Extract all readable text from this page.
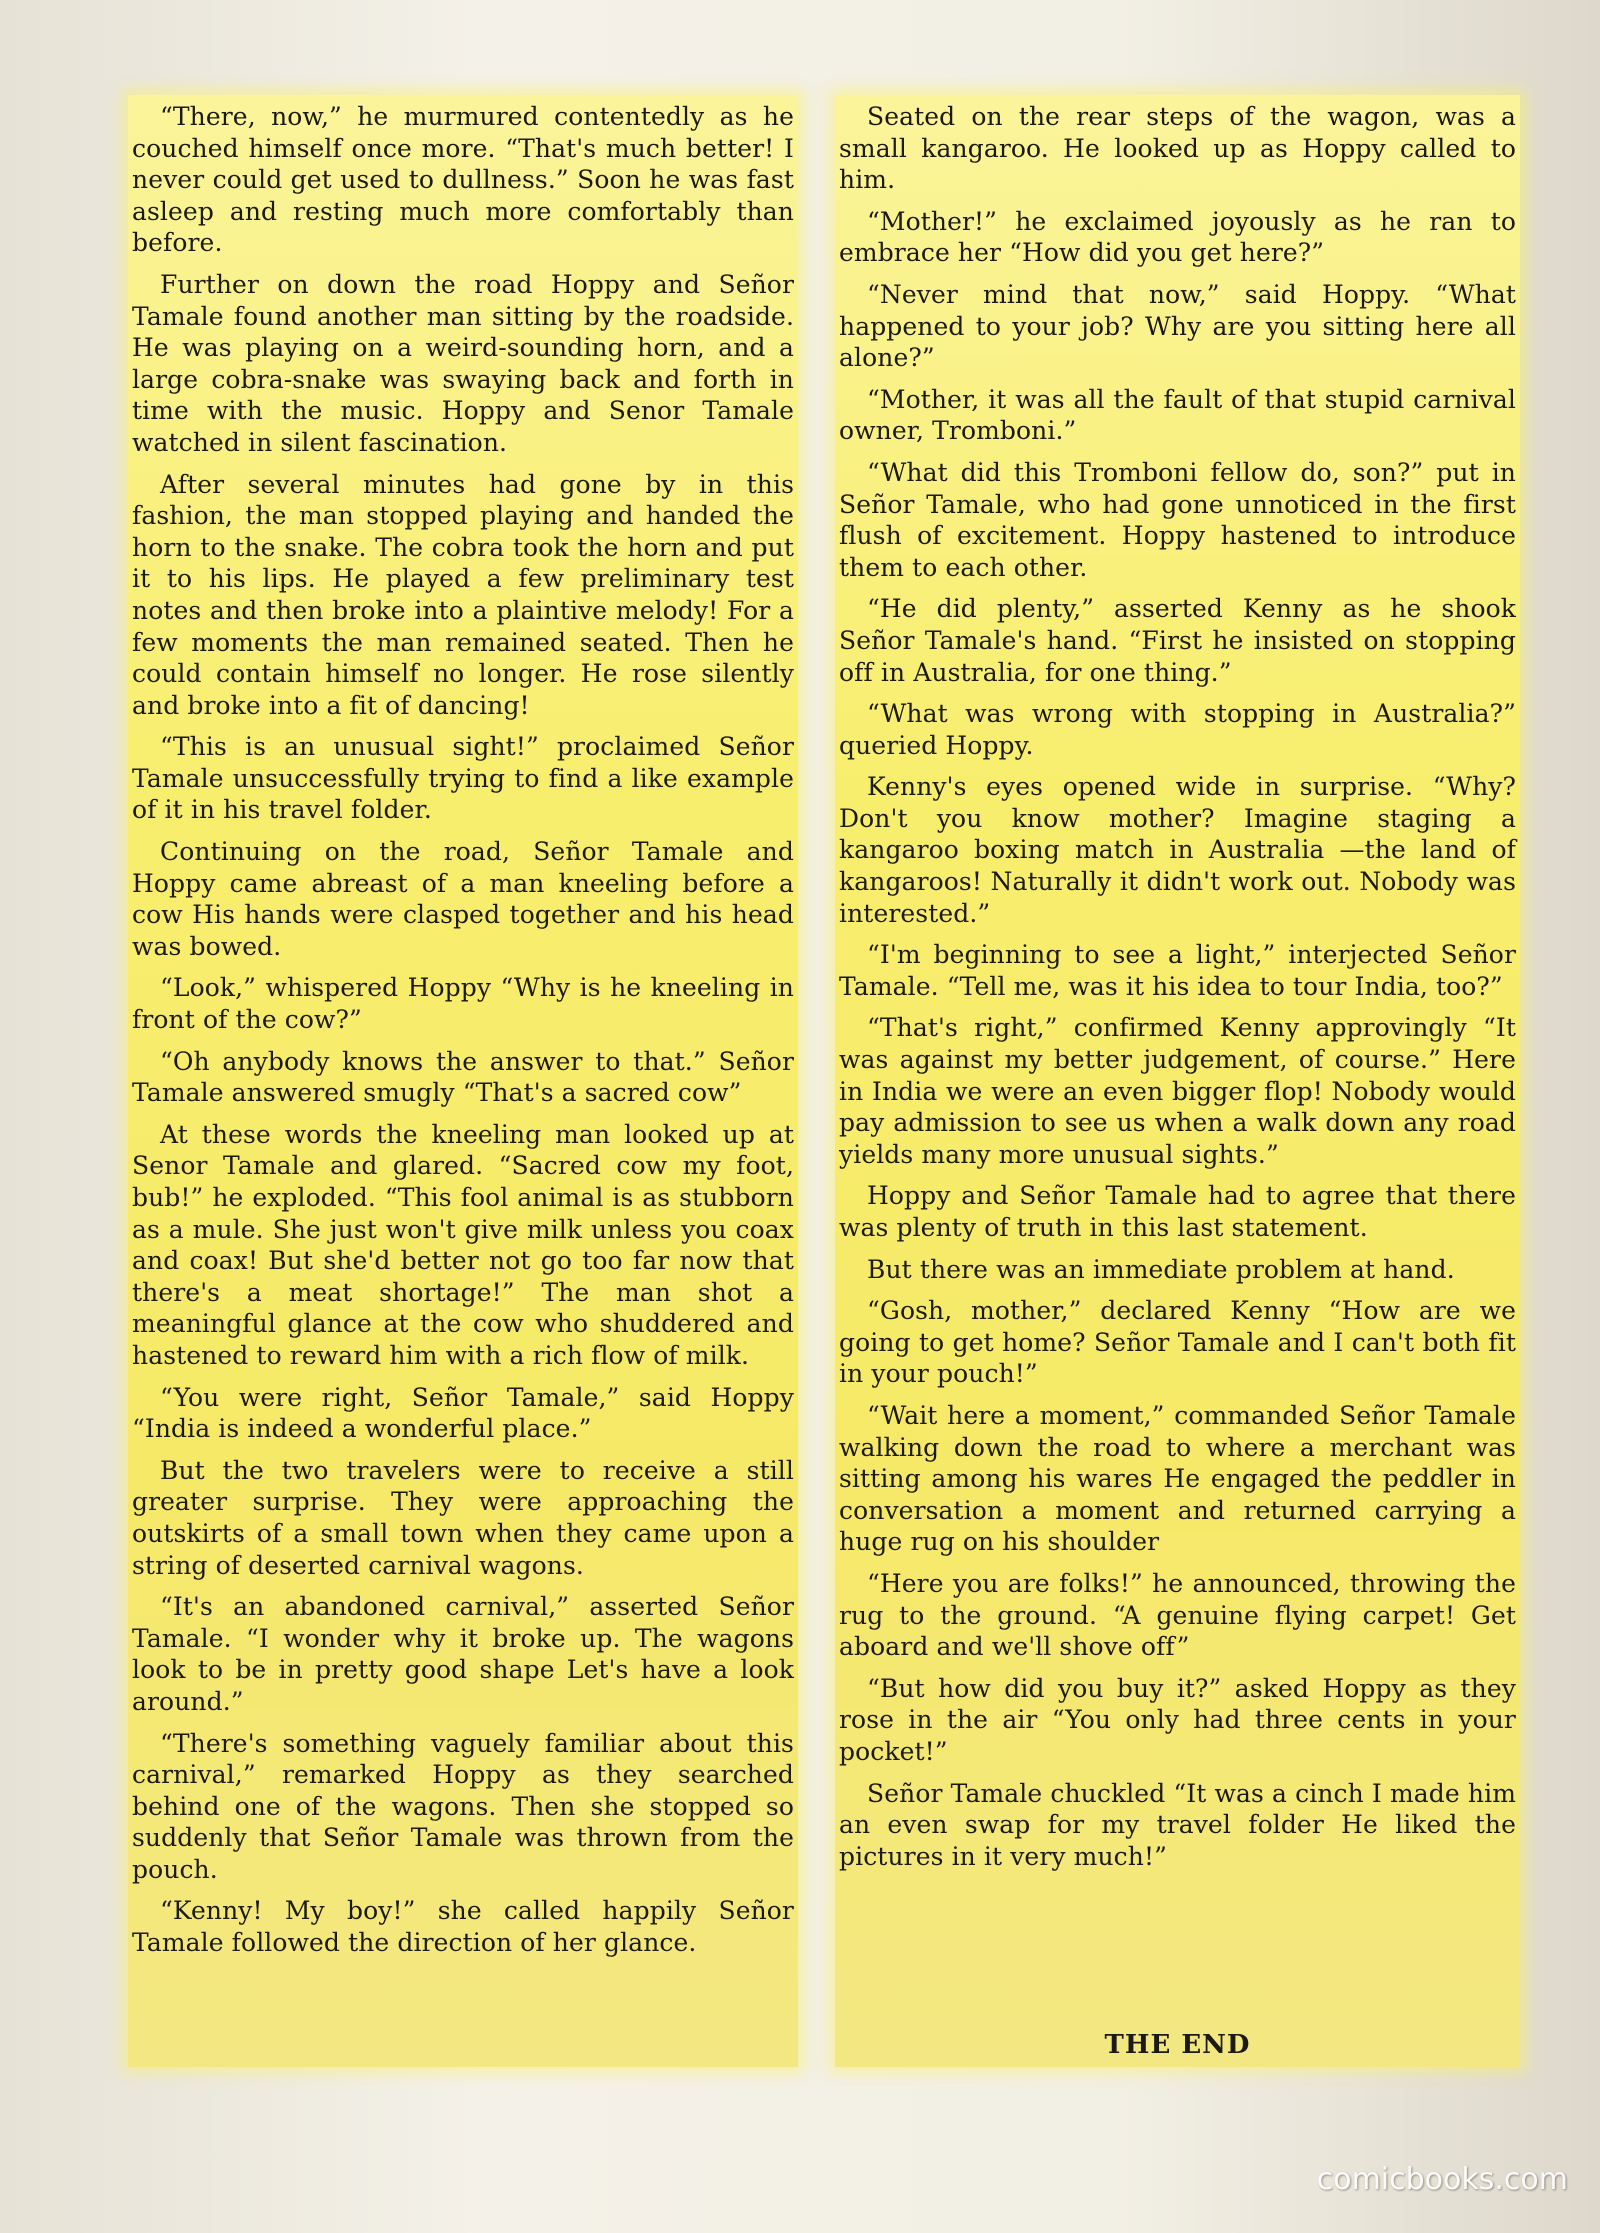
“There, now,” he murmured contentedly as he couched himself once more. “That's much better! I never could get used to dullness.” Soon he was fast asleep and resting much more comfortably than before.

Further on down the road Hoppy and Señor Tamale found another man sitting by the roadside. He was playing on a weird-sounding horn, and a large cobra-snake was swaying back and forth in time with the music. Hoppy and Senor Tamale watched in silent fascination.

After several minutes had gone by in this fashion, the man stopped playing and handed the horn to the snake. The cobra took the horn and put it to his lips. He played a few preliminary test notes and then broke into a plaintive melody! For a few moments the man remained seated. Then he could contain himself no longer. He rose silently and broke into a fit of dancing!

“This is an unusual sight!” proclaimed Señor Tamale unsuccessfully trying to find a like example of it in his travel folder.

Continuing on the road, Señor Tamale and Hoppy came abreast of a man kneeling before a cow His hands were clasped together and his head was bowed.

“Look,” whispered Hoppy “Why is he kneeling in front of the cow?”

“Oh anybody knows the answer to that.” Señor Tamale answered smugly “That's a sacred cow”

At these words the kneeling man looked up at Senor Tamale and glared. “Sacred cow my foot, bub!” he exploded. “This fool animal is as stubborn as a mule. She just won't give milk unless you coax and coax! But she'd better not go too far now that there's a meat shortage!” The man shot a meaningful glance at the cow who shuddered and hastened to reward him with a rich flow of milk.

“You were right, Señor Tamale,” said Hoppy “India is indeed a wonderful place.”

But the two travelers were to receive a still greater surprise. They were approaching the outskirts of a small town when they came upon a string of deserted carnival wagons.

“It's an abandoned carnival,” asserted Señor Tamale. “I wonder why it broke up. The wagons look to be in pretty good shape Let's have a look around.”

“There's something vaguely familiar about this carnival,” remarked Hoppy as they searched behind one of the wagons. Then she stopped so suddenly that Señor Tamale was thrown from the pouch.

“Kenny! My boy!” she called happily Señor Tamale followed the direction of her glance.

Seated on the rear steps of the wagon, was a small kangaroo. He looked up as Hoppy called to him.

“Mother!” he exclaimed joyously as he ran to embrace her “How did you get here?”

“Never mind that now,” said Hoppy. “What happened to your job? Why are you sitting here all alone?”

“Mother, it was all the fault of that stupid carnival owner, Tromboni.”

“What did this Tromboni fellow do, son?” put in Señor Tamale, who had gone unnoticed in the first flush of excitement. Hoppy hastened to introduce them to each other.

“He did plenty,” asserted Kenny as he shook Señor Tamale's hand. “First he insisted on stopping off in Australia, for one thing.”

“What was wrong with stopping in Australia?” queried Hoppy.

Kenny's eyes opened wide in surprise. “Why? Don't you know mother? Imagine staging a kangaroo boxing match in Australia —the land of kangaroos! Naturally it didn't work out. Nobody was interested.”

“I'm beginning to see a light,” interjected Señor Tamale. “Tell me, was it his idea to tour India, too?”

“That's right,” confirmed Kenny approvingly “It was against my better judgement, of course.” Here in India we were an even bigger flop! Nobody would pay admission to see us when a walk down any road yields many more unusual sights.”

Hoppy and Señor Tamale had to agree that there was plenty of truth in this last statement.

But there was an immediate problem at hand.

“Gosh, mother,” declared Kenny “How are we going to get home? Señor Tamale and I can't both fit in your pouch!”

“Wait here a moment,” commanded Señor Tamale walking down the road to where a merchant was sitting among his wares He engaged the peddler in conversation a moment and returned carrying a huge rug on his shoulder

“Here you are folks!” he announced, throwing the rug to the ground. “A genuine flying carpet! Get aboard and we'll shove off”

“But how did you buy it?” asked Hoppy as they rose in the air “You only had three cents in your pocket!”

Señor Tamale chuckled “It was a cinch I made him an even swap for my travel folder He liked the pictures in it very much!”

THE END
comicbooks.com
